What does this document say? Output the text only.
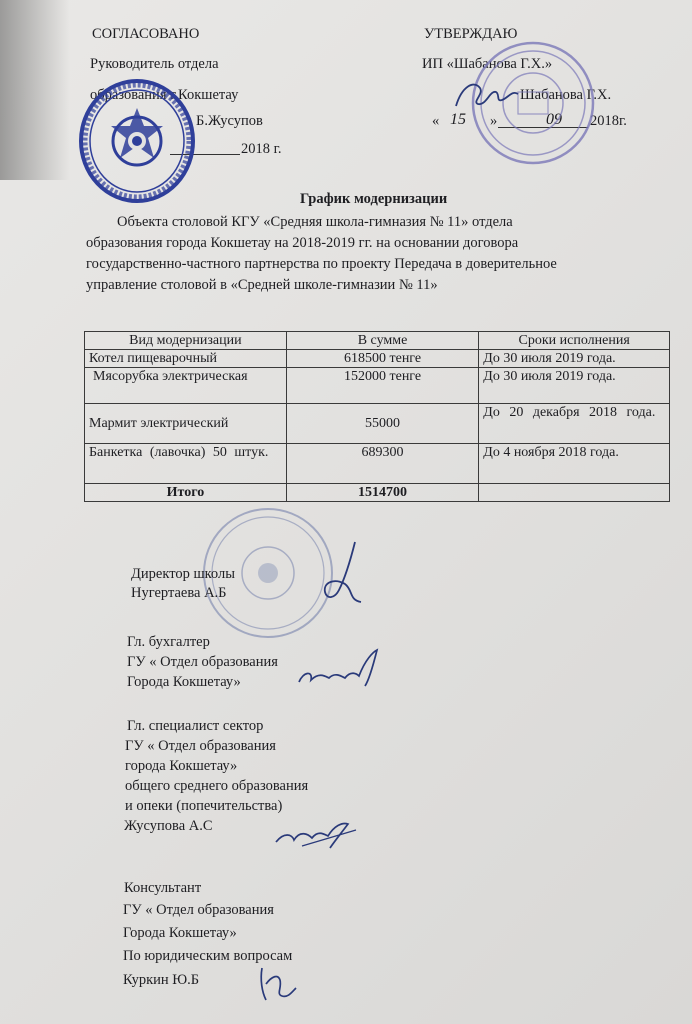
СОГЛАСОВАНО
Руководитель отдела
образования г.Кокшетау
Б.Жусупов
2018 г.
УТВЕРЖДАЮ
ИП «Шабанова Г.Х.»
Шабанова Г.Х.
« 15 »	09 2018г.
График модернизации
Объекта столовой КГУ «Средняя школа-гимназия № 11» отдела
образования города Кокшетау на 2018-2019 гг. на основании договора
государственно-частного партнерства по проекту Передача в доверительное
управление столовой в «Средней школе-гимназии № 11»
Вид модернизации	В сумме	Сроки исполнения
Котел пищеварочный	618500 тенге	До 30 июля 2019 года.
Мясорубка электрическая	152000 тенге	До 30 июля 2019 года.
Мармит электрический	55000	До 20 декабря 2018 года.
Банкетка (лавочка) 50 штук.	689300	До 4 ноября 2018 года.
Итого	1514700	
Директор школы
Нугертаева А.Б
Гл. бухгалтер
ГУ « Отдел образования
Города Кокшетау»
Гл. специалист сектор
ГУ « Отдел образования
города Кокшетау»
общего среднего образования
и опеки (попечительства)
Жусупова А.С
Консультант
ГУ « Отдел образования
Города Кокшетау»
По юридическим вопросам
Куркин Ю.Б
